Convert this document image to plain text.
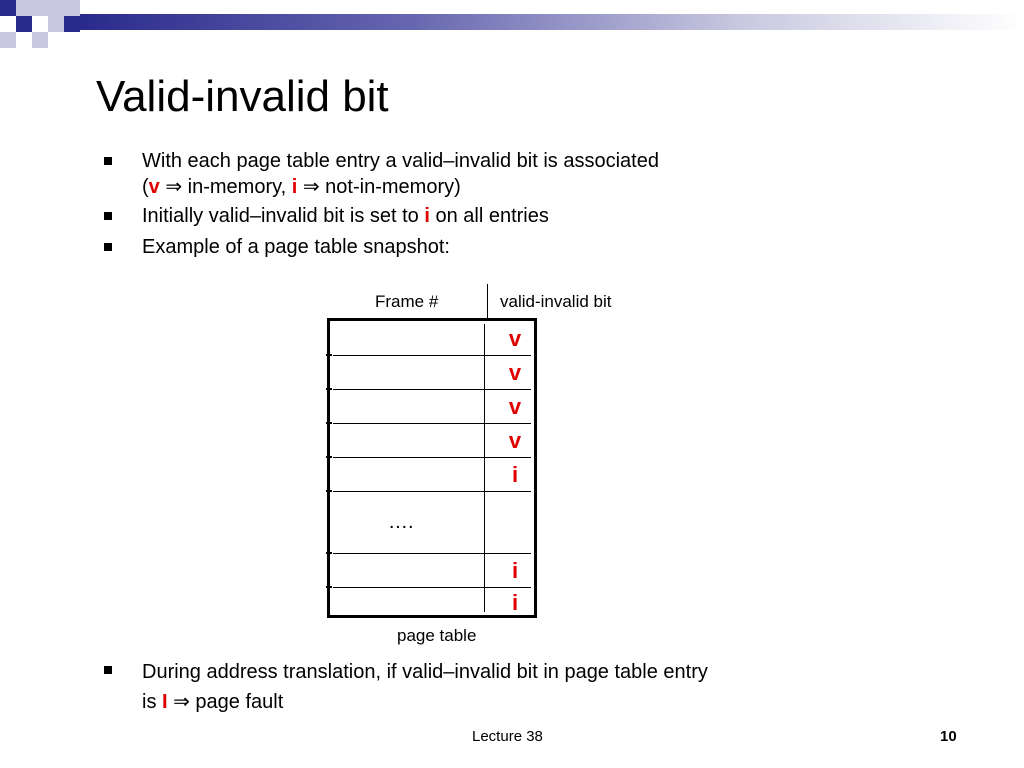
Valid-invalid bit
With each page table entry a valid–invalid bit is associated
(v ⇒ in-memory, i ⇒ not-in-memory)
Initially valid–invalid bit is set to i on all entries
Example of a page table snapshot:
Frame #	valid-invalid bit
v
v
v
v
i
i
i
….
page table
During address translation, if valid–invalid bit in page table entry
is I ⇒ page fault
Lecture 38	10
